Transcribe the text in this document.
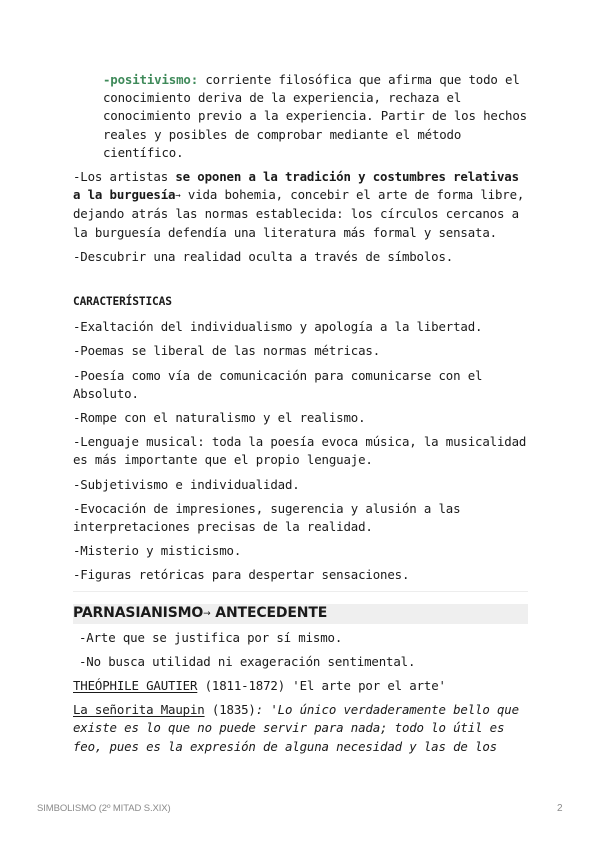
-positivismo: corriente filosófica que afirma que todo el conocimiento deriva de la experiencia, rechaza el conocimiento previo a la experiencia. Partir de los hechos reales y posibles de comprobar mediante el método científico.

-Los artistas se oponen a la tradición y costumbres relativas a la burguesía→ vida bohemia, concebir el arte de forma libre, dejando atrás las normas establecida: los círculos cercanos a la burguesía defendía una literatura más formal y sensata.

-Descubrir una realidad oculta a través de símbolos.

CARACTERÍSTICAS

-Exaltación del individualismo y apología a la libertad.

-Poemas se liberal de las normas métricas.

-Poesía como vía de comunicación para comunicarse con el Absoluto.

-Rompe con el naturalismo y el realismo.

-Lenguaje musical: toda la poesía evoca música, la musicalidad es más importante que el propio lenguaje.

-Subjetivismo e individualidad.

-Evocación de impresiones, sugerencia y alusión a las interpretaciones precisas de la realidad.

-Misterio y misticismo.

-Figuras retóricas para despertar sensaciones.

PARNASIANISMO→ ANTECEDENTE

-Arte que se justifica por sí mismo.

-No busca utilidad ni exageración sentimental.

THEÓPHILE GAUTIER (1811-1872) 'El arte por el arte'

La señorita Maupin (1835): 'Lo único verdaderamente bello que existe es lo que no puede servir para nada; todo lo útil es feo, pues es la expresión de alguna necesidad y las de los

SIMBOLISMO (2º MITAD S.XIX)	2
